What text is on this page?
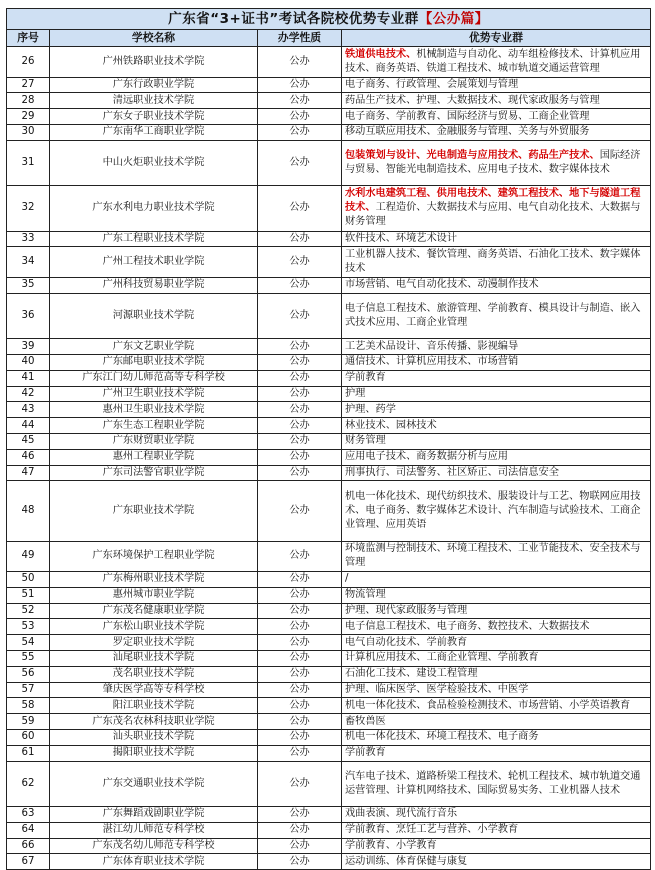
广东省“3+证书”考试各院校优势专业群【公办篇】			
序号	学校名称	办学性质	优势专业群
26	广州铁路职业技术学院	公办	铁道供电技术、机械制造与自动化、动车组检修技术、计算机应用技术、商务英语、铁道工程技术、城市轨道交通运营管理
27	广东行政职业学院	公办	电子商务、行政管理、会展策划与管理
28	清远职业技术学院	公办	药品生产技术、护理、大数据技术、现代家政服务与管理
29	广东女子职业技术学院	公办	电子商务、学前教育、国际经济与贸易、工商企业管理
30	广东南华工商职业学院	公办	移动互联应用技术、金融服务与管理、关务与外贸服务
31	中山火炬职业技术学院	公办	包装策划与设计、光电制造与应用技术、药品生产技术、国际经济与贸易、智能光电制造技术、应用电子技术、数字媒体技术
32	广东水利电力职业技术学院	公办	水利水电建筑工程、供用电技术、建筑工程技术、地下与隧道工程技术、工程造价、大数据技术与应用、电气自动化技术、大数据与财务管理
33	广东工程职业技术学院	公办	软件技术、环境艺术设计
34	广州工程技术职业学院	公办	工业机器人技术、餐饮管理、商务英语、石油化工技术、数字媒体技术
35	广州科技贸易职业学院	公办	市场营销、电气自动化技术、动漫制作技术
36	河源职业技术学院	公办	电子信息工程技术、旅游管理、学前教育、模具设计与制造、嵌入式技术应用、工商企业管理
39	广东文艺职业学院	公办	工艺美术品设计、音乐传播、影视编导
40	广东邮电职业技术学院	公办	通信技术、计算机应用技术、市场营销
41	广东江门幼儿师范高等专科学校	公办	学前教育
42	广州卫生职业技术学院	公办	护理
43	惠州卫生职业技术学院	公办	护理、药学
44	广东生态工程职业学院	公办	林业技术、园林技术
45	广东财贸职业学院	公办	财务管理
46	惠州工程职业学院	公办	应用电子技术、商务数据分析与应用
47	广东司法警官职业学院	公办	刑事执行、司法警务、社区矫正、司法信息安全
48	广东职业技术学院	公办	机电一体化技术、现代纺织技术、服装设计与工艺、物联网应用技术、电子商务、数字媒体艺术设计、汽车制造与试验技术、工商企业管理、应用英语
49	广东环境保护工程职业学院	公办	环境监测与控制技术、环境工程技术、工业节能技术、安全技术与管理
50	广东梅州职业技术学院	公办	/
51	惠州城市职业学院	公办	物流管理
52	广东茂名健康职业学院	公办	护理、现代家政服务与管理
53	广东松山职业技术学院	公办	电子信息工程技术、电子商务、数控技术、大数据技术
54	罗定职业技术学院	公办	电气自动化技术、学前教育
55	汕尾职业技术学院	公办	计算机应用技术、工商企业管理、学前教育
56	茂名职业技术学院	公办	石油化工技术、建设工程管理
57	肇庆医学高等专科学校	公办	护理、临床医学、医学检验技术、中医学
58	阳江职业技术学院	公办	机电一体化技术、食品检验检测技术、市场营销、小学英语教育
59	广东茂名农林科技职业学院	公办	畜牧兽医
60	汕头职业技术学院	公办	机电一体化技术、环境工程技术、电子商务
61	揭阳职业技术学院	公办	学前教育
62	广东交通职业技术学院	公办	汽车电子技术、道路桥梁工程技术、轮机工程技术、城市轨道交通运营管理、计算机网络技术、国际贸易实务、工业机器人技术
63	广东舞蹈戏剧职业学院	公办	戏曲表演、现代流行音乐
64	湛江幼儿师范专科学校	公办	学前教育、烹饪工艺与营养、小学教育
66	广东茂名幼儿师范专科学校	公办	学前教育、小学教育
67	广东体育职业技术学院	公办	运动训练、体育保健与康复
